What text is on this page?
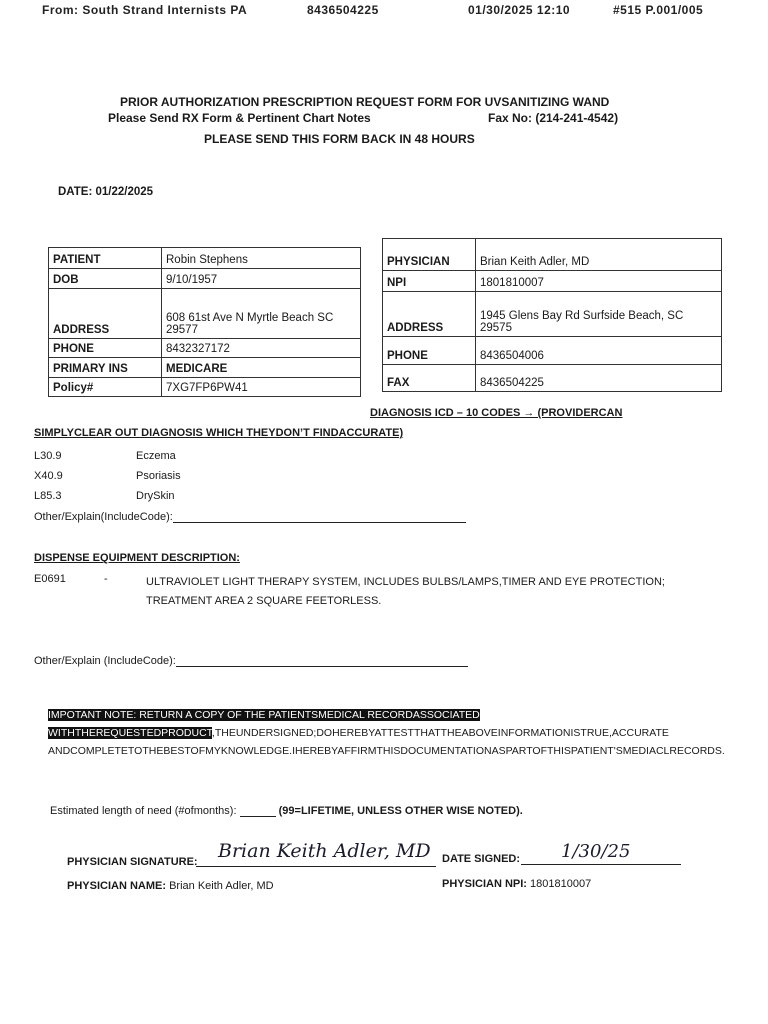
From: South Strand Internists PA	8436504225	01/30/2025 12:10	#515 P.001/005
PRIOR AUTHORIZATION PRESCRIPTION REQUEST FORM FOR UVSANITIZING WAND
Please Send RX Form & Pertinent Chart Notes	Fax No: (214-241-4542)
PLEASE SEND THIS FORM BACK IN 48 HOURS
DATE: 01/22/2025
PATIENT	Robin Stephens
DOB	9/10/1957
ADDRESS	608 61st Ave N Myrtle Beach SC 29577
PHONE	8432327172
PRIMARY INS	MEDICARE
Policy#	7XG7FP6PW41
PHYSICIAN	Brian Keith Adler, MD
NPI	1801810007
ADDRESS	1945 Glens Bay Rd Surfside Beach, SC 29575
PHONE	8436504006
FAX	8436504225
DIAGNOSIS ICD – 10 CODES → (PROVIDERCAN
SIMPLYCLEAR OUT DIAGNOSIS WHICH THEYDON’T FINDACCURATE)
L30.9	Eczema
X40.9	Psoriasis
L85.3	DrySkin
Other/Explain(IncludeCode):
DISPENSE EQUIPMENT DESCRIPTION:
E0691	-	ULTRAVIOLET LIGHT THERAPY SYSTEM, INCLUDES BULBS/LAMPS,TIMER AND EYE PROTECTION; TREATMENT AREA 2 SQUARE FEETORLESS.
Other/Explain (IncludeCode):
IMPOTANT NOTE: RETURN A COPY OF THE PATIENTSMEDICAL RECORDASSOCIATED
WITHTHEREQUESTEDPRODUCT,THEUNDERSIGNED;DOHEREBYATTESTTHATTHEABOVEINFORMATIONISTRUE,ACCURATE ANDCOMPLETETOTHEBESTOFMYKNOWLEDGE.IHEREBYAFFIRMTHISDOCUMENTATIONASPARTOFTHISPATIENT'SMEDIACLRECORDS.
Estimated length of need (#ofmonths):	(99=LIFETIME, UNLESS OTHER WISE NOTED).
PHYSICIAN SIGNATURE: Brian Keith Adler, MD DATE SIGNED: 1/30/25
PHYSICIAN NAME: Brian Keith Adler, MD	PHYSICIAN NPI: 1801810007
